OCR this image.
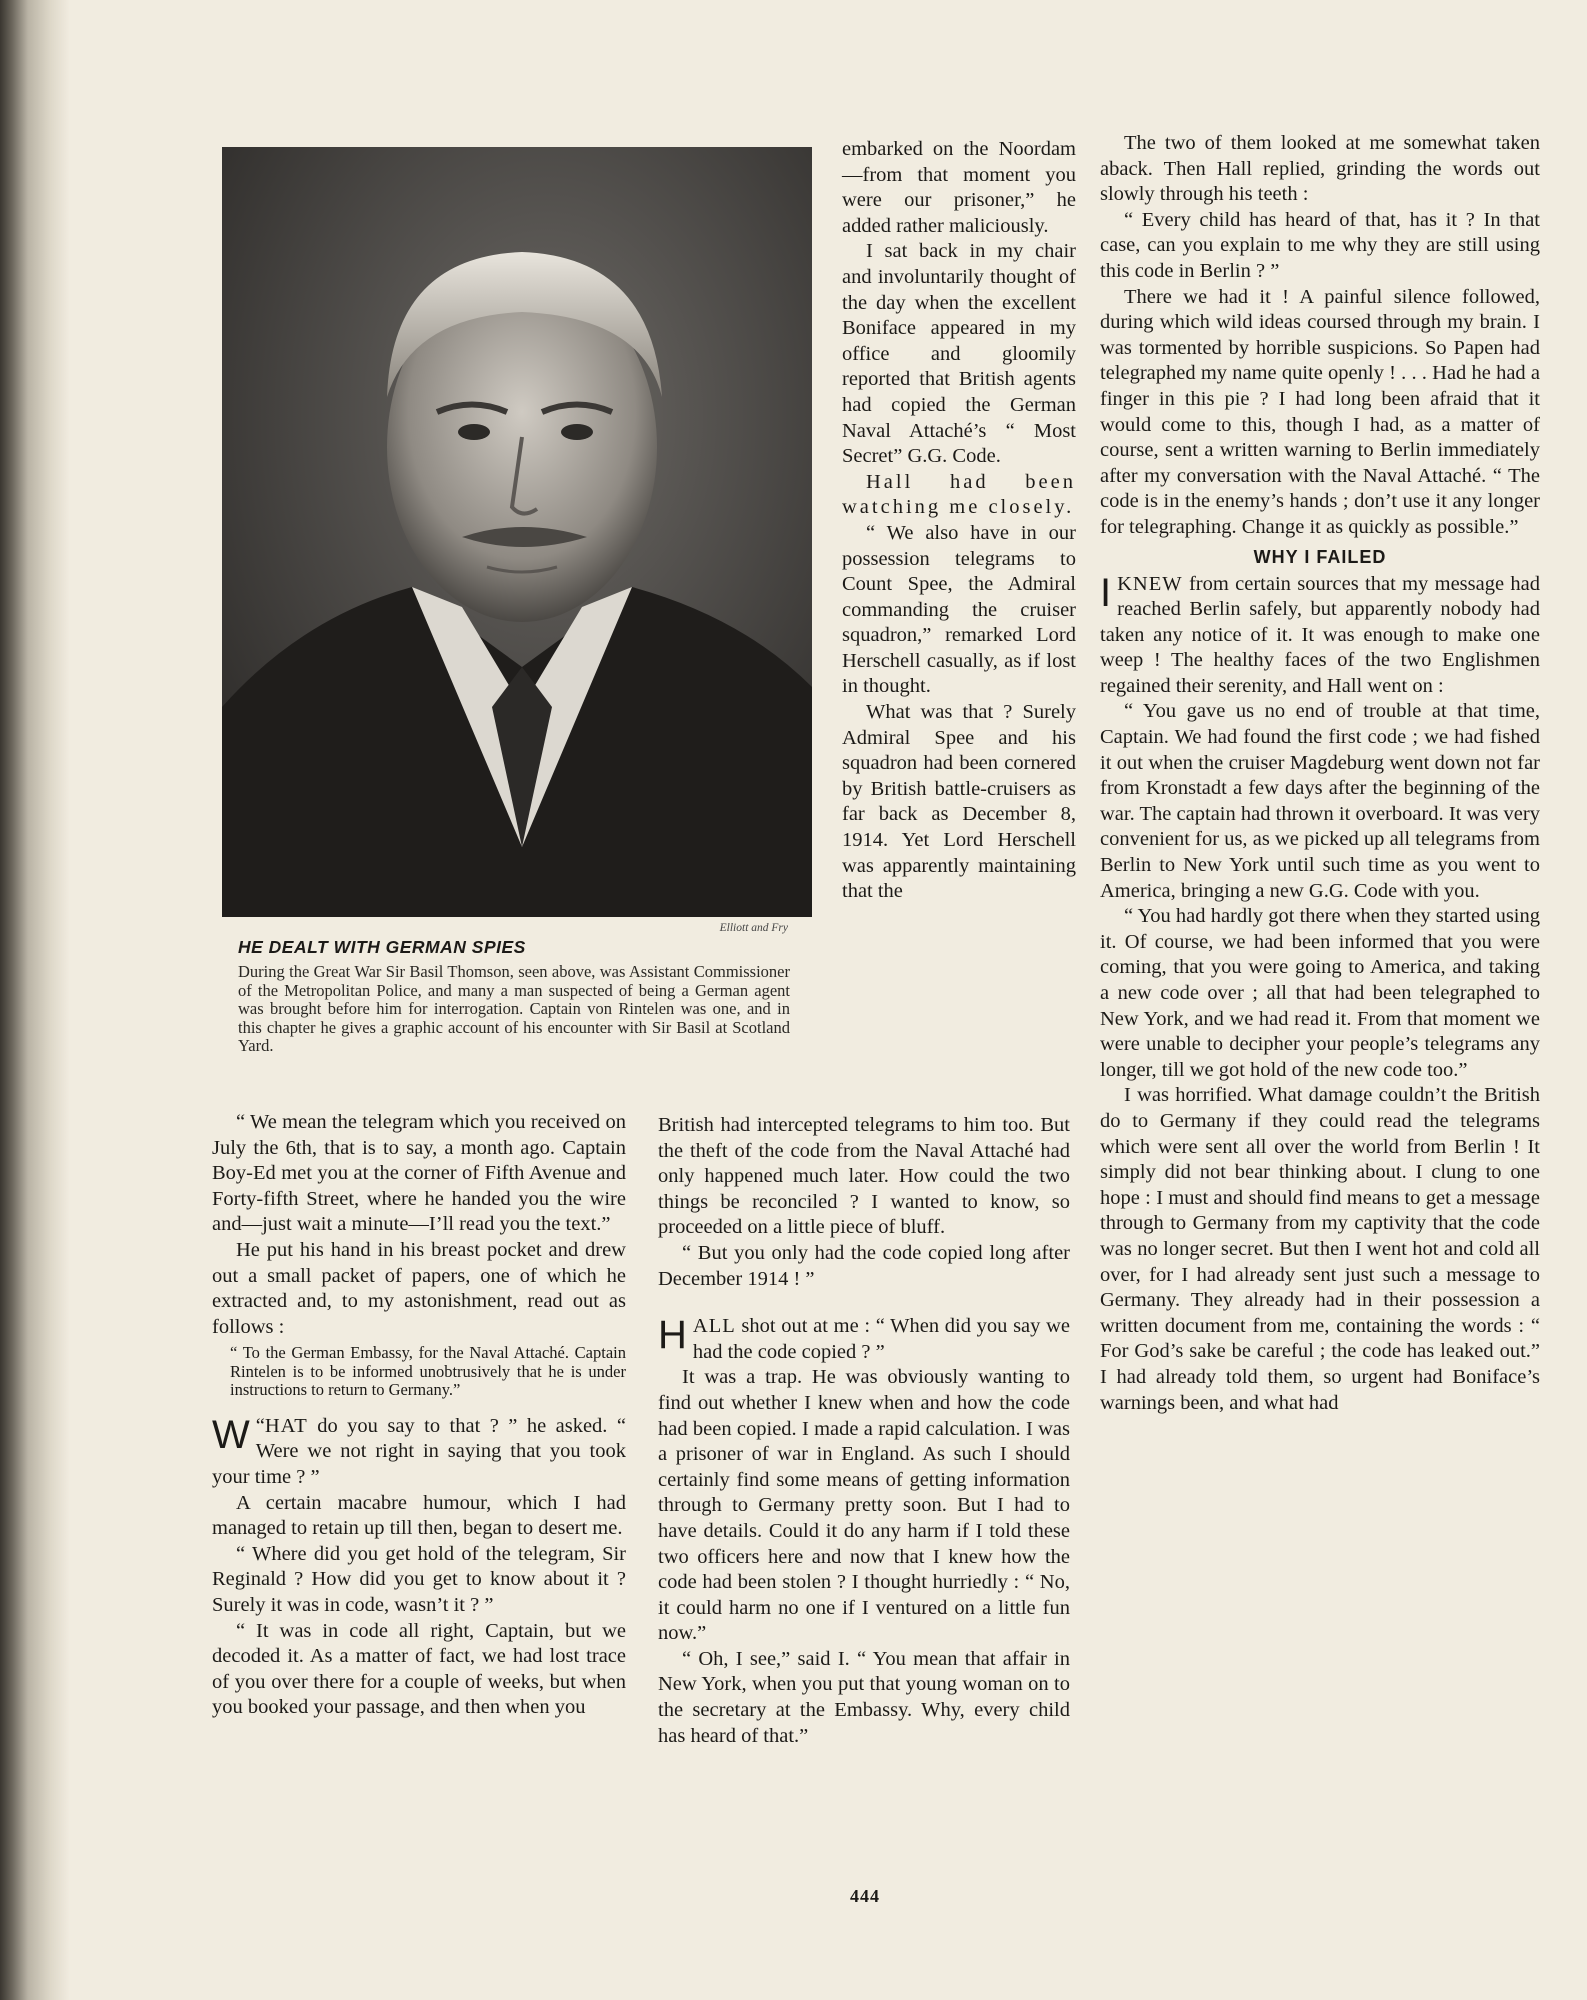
Elliott and Fry
HE DEALT WITH GERMAN SPIES
During the Great War Sir Basil Thomson, seen above, was Assistant Commissioner of the Metropolitan Police, and many a man suspected of being a German agent was brought before him for interrogation. Captain von Rintelen was one, and in this chapter he gives a graphic account of his encounter with Sir Basil at Scotland Yard.

“ We mean the telegram which you received on July the 6th, that is to say, a month ago. Captain Boy-Ed met you at the corner of Fifth Avenue and Forty-fifth Street, where he handed you the wire and—just wait a minute—I’ll read you the text.”

He put his hand in his breast pocket and drew out a small packet of papers, one of which he extracted and, to my astonishment, read out as follows :

“ To the German Embassy, for the Naval Attaché. Captain Rintelen is to be informed unobtrusively that he is under instructions to return to Germany.”

“
W HAT do you say to that ? ” he asked. “ Were we not right in saying that you took your time ? ”

A certain macabre humour, which I had managed to retain up till then, began to desert me.

“ Where did you get hold of the telegram, Sir Reginald ? How did you get to know about it ? Surely it was in code, wasn’t it ? ”

“ It was in code all right, Captain, but we decoded it. As a matter of fact, we had lost trace of you over there for a couple of weeks, but when you booked your passage, and then when you

embarked on the Noordam—from that moment you were our prisoner,” he added rather maliciously.

I sat back in my chair and involuntarily thought of the day when the excellent Boniface appeared in my office and gloomily reported that British agents had copied the German Naval Attaché’s “ Most Secret” G.G. Code.

Hall had been watching me closely.

“ We also have in our possession telegrams to Count Spee, the Admiral commanding the cruiser squadron,” remarked Lord Herschell casually, as if lost in thought.

What was that ? Surely Admiral Spee and his squadron had been cornered by British battle-cruisers as far back as December 8, 1914. Yet Lord Herschell was apparently maintaining that the

British had intercepted telegrams to him too. But the theft of the code from the Naval Attaché had only happened much later. How could the two things be reconciled ? I wanted to know, so proceeded on a little piece of bluff.

“ But you only had the code copied long after December 1914 ! ”

HALL shot out at me : “ When did you say we had the code copied ? ”

It was a trap. He was obviously wanting to find out whether I knew when and how the code had been copied. I made a rapid calculation. I was a prisoner of war in England. As such I should certainly find some means of getting information through to Germany pretty soon. But I had to have details. Could it do any harm if I told these two officers here and now that I knew how the code had been stolen ? I thought hurriedly : “ No, it could harm no one if I ventured on a little fun now.”

“ Oh, I see,” said I. “ You mean that affair in New York, when you put that young woman on to the secretary at the Embassy. Why, every child has heard of that.”

The two of them looked at me somewhat taken aback. Then Hall replied, grinding the words out slowly through his teeth :

“ Every child has heard of that, has it ? In that case, can you explain to me why they are still using this code in Berlin ? ”

There we had it ! A painful silence followed, during which wild ideas coursed through my brain. I was tormented by horrible suspicions. So Papen had telegraphed my name quite openly ! . . . Had he had a finger in this pie ? I had long been afraid that it would come to this, though I had, as a matter of course, sent a written warning to Berlin immediately after my conversation with the Naval Attaché. “ The code is in the enemy’s hands ; don’t use it any longer for telegraphing. Change it as quickly as possible.”

WHY I FAILED

IKNEW from certain sources that my message had reached Berlin safely, but apparently nobody had taken any notice of it. It was enough to make one weep ! The healthy faces of the two Englishmen regained their serenity, and Hall went on :

“ You gave us no end of trouble at that time, Captain. We had found the first code ; we had fished it out when the cruiser Magdeburg went down not far from Kronstadt a few days after the beginning of the war. The captain had thrown it overboard. It was very convenient for us, as we picked up all telegrams from Berlin to New York until such time as you went to America, bringing a new G.G. Code with you.

“ You had hardly got there when they started using it. Of course, we had been informed that you were coming, that you were going to America, and taking a new code over ; all that had been telegraphed to New York, and we had read it. From that moment we were unable to decipher your people’s telegrams any longer, till we got hold of the new code too.”

I was horrified. What damage couldn’t the British do to Germany if they could read the telegrams which were sent all over the world from Berlin ! It simply did not bear thinking about. I clung to one hope : I must and should find means to get a message through to Germany from my captivity that the code was no longer secret. But then I went hot and cold all over, for I had already sent just such a message to Germany. They already had in their possession a written document from me, containing the words : “ For God’s sake be careful ; the code has leaked out.” I had already told them, so urgent had Boniface’s warnings been, and what had

444
